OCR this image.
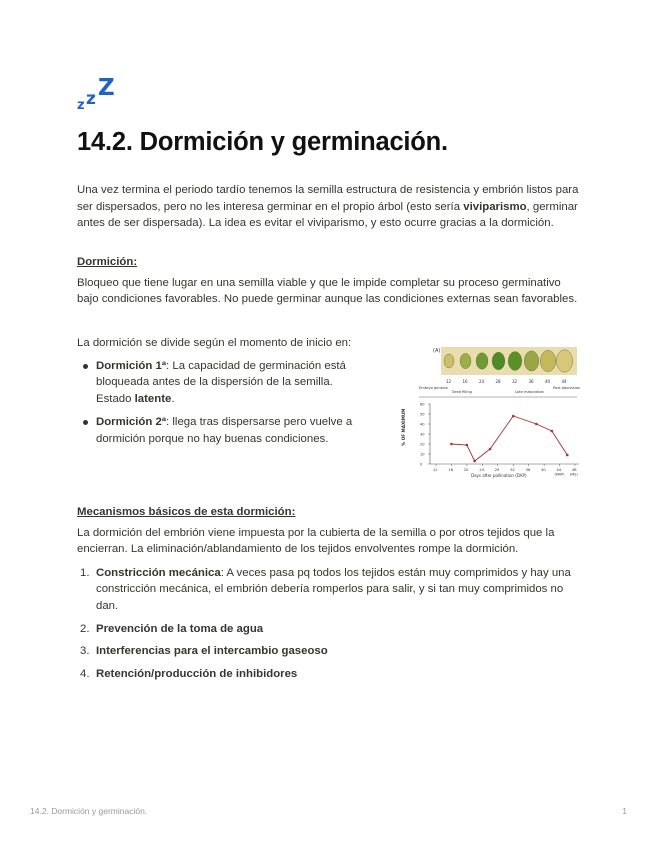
z z Z
14.2. Dormición y germinación.

Una vez termina el periodo tardío tenemos la semilla estructura de resistencia y embrión listos para ser dispersados, pero no les interesa germinar en el propio árbol (esto sería viviparismo, germinar antes de ser dispersada). La idea es evitar el viviparismo, y esto ocurre gracias a la dormición.

Dormición:

Bloqueo que tiene lugar en una semilla viable y que le impide completar su proceso germinativo bajo condiciones favorables. No puede germinar aunque las condiciones externas sean favorables.

La dormición se divide según el momento de inicio en:

Dormición 1ª: La capacidad de germinación está bloqueada antes de la dispersión de la semilla. Estado latente.
Dormición 2ª: llega tras dispersarse pero vuelve a dormición porque no hay buenas condiciones.

Mecanismos básicos de esta dormición:

La dormición del embrión viene impuesta por la cubierta de la semilla o por otros tejidos que la encierran. La eliminación/ablandamiento de los tejidos envolventes rompe la dormición.

1. Constricción mecánica: A veces pasa pq todos los tejidos están muy comprimidos y hay una constricción mecánica, el embrión debería romperlos para salir, y si tan muy comprimidos no dan.
2. Prevención de la toma de agua
3. Interferencias para el intercambio gaseoso
4. Retención/producción de inhibidores
(A)
12	16	24	28	32	36	40	44
Embryo genesis
Seed filling	Late maturation
Post abscission
% OF MAXIMUM
Days after pollination (DAP)
0
10
20
30
40
50
60
12	16	20	24	29	32	36	40	44
(MAP)
48
(MS)
14.2. Dormición y germinación.	1
